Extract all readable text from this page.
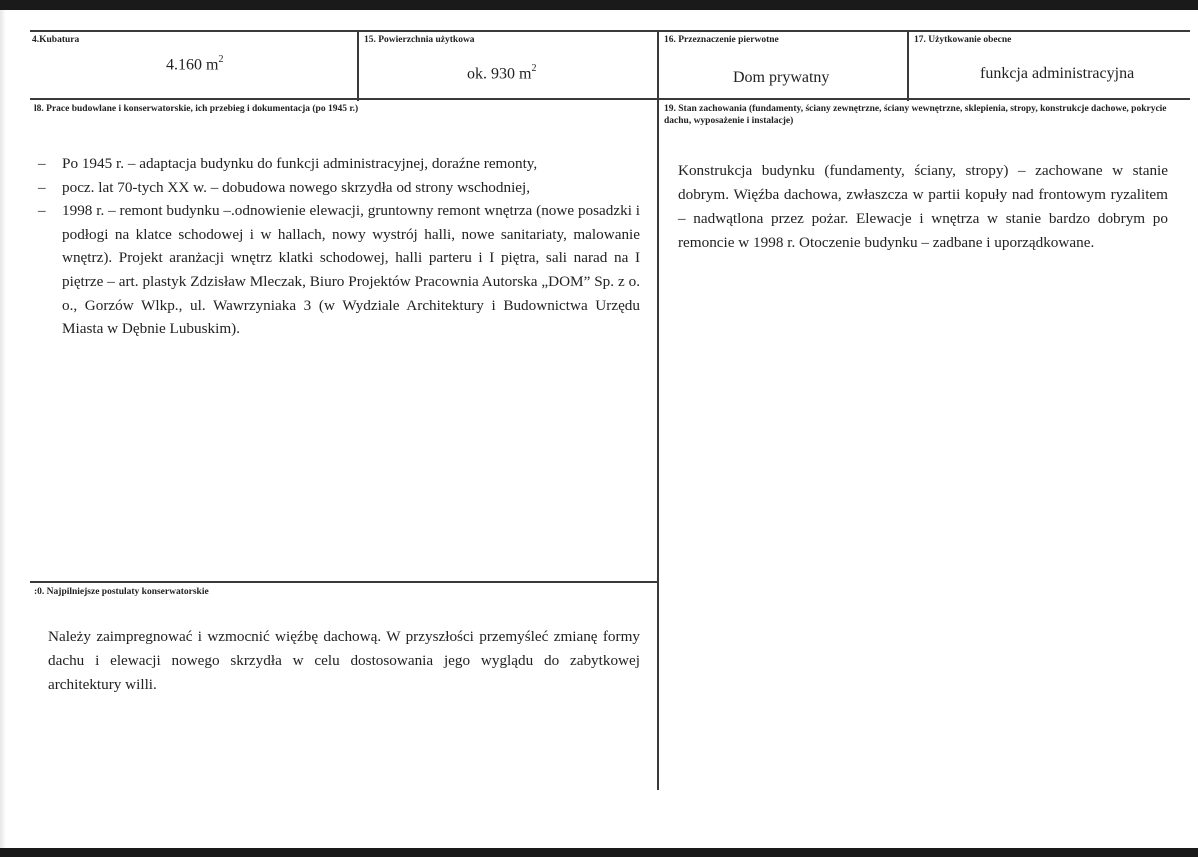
4.Kubatura
4.160 $m^2$
15. Powierzchnia użytkowa
ok. 930 $m^2$
16. Przeznaczenie pierwotne
Dom prywatny
17. Użytkowanie obecne
funkcja administracyjna
l8. Prace budowlane i konserwatorskie, ich przebieg i dokumentacja (po 1945 r.)
– Po 1945 r. – adaptacja budynku do funkcji administracyjnej, doraźne remonty,
– pocz. lat 70-tych XX w. – dobudowa nowego skrzydła od strony wschodniej,
– 1998 r. – remont budynku –.odnowienie elewacji, gruntowny remont wnętrza (nowe posadzki i podłogi na klatce schodowej i w hallach, nowy wystrój halli, nowe sanitariaty, malowanie wnętrz). Projekt aranżacji wnętrz klatki schodowej, halli parteru i I piętra, sali narad na I piętrze – art. plastyk Zdzisław Mleczak, Biuro Projektów Pracownia Autorska „DOM” Sp. z o. o., Gorzów Wlkp., ul. Wawrzyniaka 3 (w Wydziale Architektury i Budownictwa Urzędu Miasta w Dębnie Lubuskim).
19. Stan zachowania (fundamenty, ściany zewnętrzne, ściany wewnętrzne, sklepienia, stropy, konstrukcje dachowe, pokrycie dachu, wyposażenie i instalacje)

Konstrukcja budynku (fundamenty, ściany, stropy) – zachowane w stanie dobrym. Więźba dachowa, zwłaszcza w partii kopuły nad frontowym ryzalitem – nadwątlona przez pożar. Elewacje i wnętrza w stanie bardzo dobrym po remoncie w 1998 r. Otoczenie budynku – zadbane i uporządkowane.

:0. Najpilniejsze postulaty konserwatorskie

Należy zaimpregnować i wzmocnić więźbę dachową. W przyszłości przemyśleć zmianę formy dachu i elewacji nowego skrzydła w celu dostosowania jego wyglądu do zabytkowej architektury willi.
